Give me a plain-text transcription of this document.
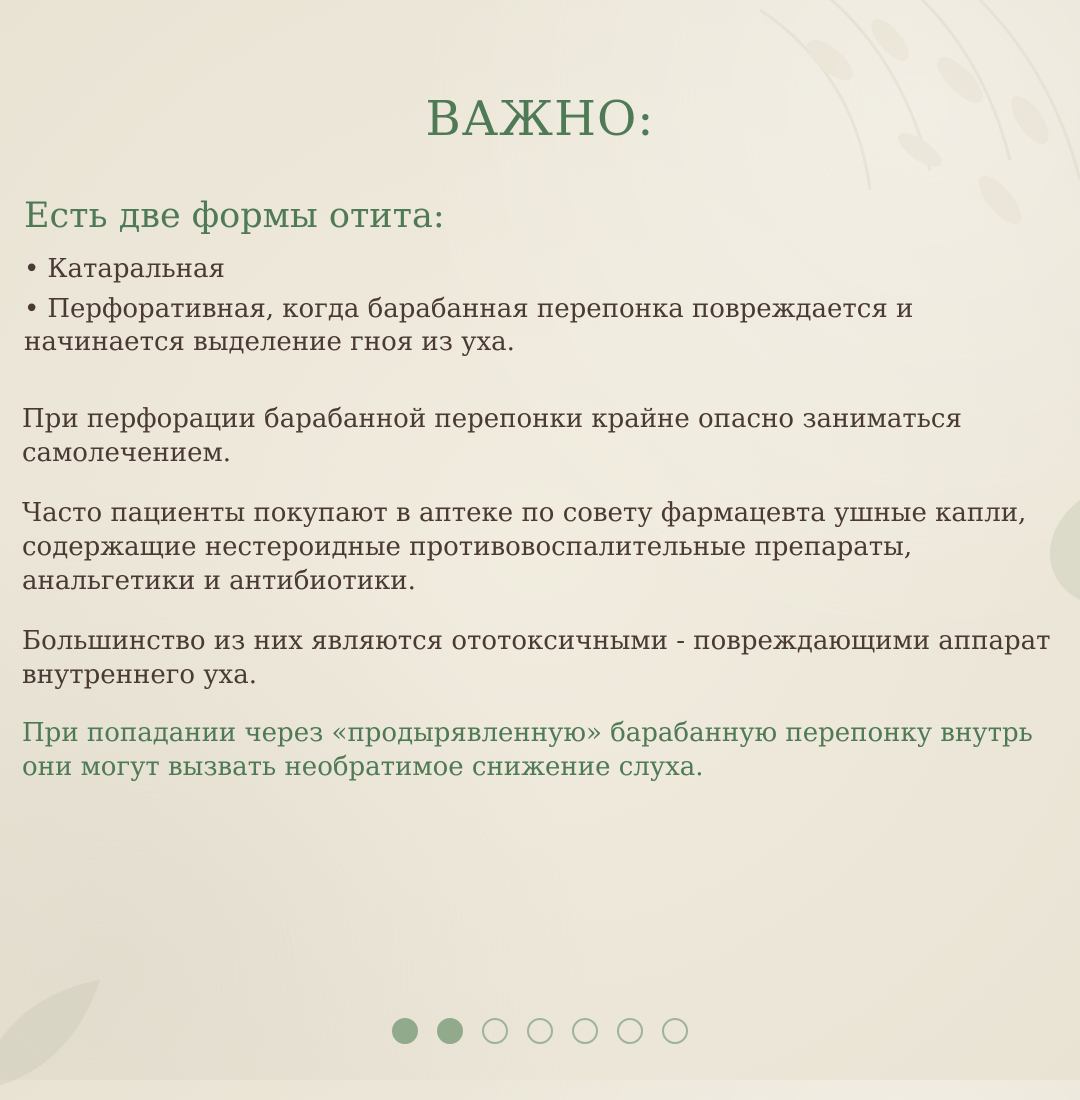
ВАЖНО:
Есть две формы отита:
• Катаральная
• Перфоративная, когда барабанная перепонка повреждается и начинается выделение гноя из уха.

При перфорации барабанной перепонки крайне опасно заниматься самолечением.

Часто пациенты покупают в аптеке по совету фармацевта ушные капли, содержащие нестероидные противовоспалительные препараты, анальгетики и антибиотики.

Большинство из них являются ототоксичными - повреждающими аппарат внутреннего уха.

При попадании через «продырявленную» барабанную перепонку внутрь они могут вызвать необратимое снижение слуха.
